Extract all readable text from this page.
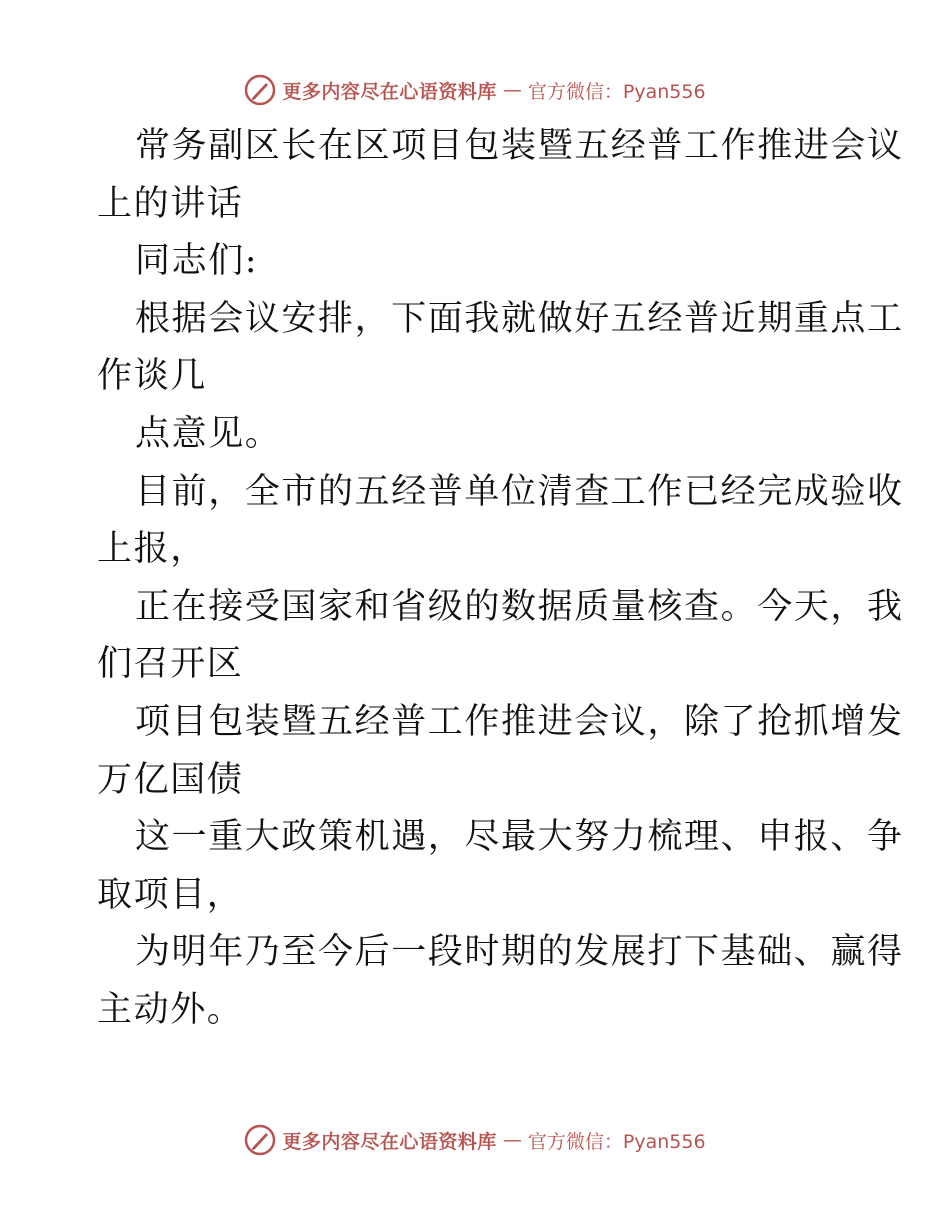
更多内容尽在心语资料库 — 官方微信：Pyan556
常务副区长在区项目包装暨五经普工作推进会议
上的讲话
同志们:
根据会议安排，下面我就做好五经普近期重点工
作谈几
点意见。
目前，全市的五经普单位清查工作已经完成验收
上报，
正在接受国家和省级的数据质量核查。今天，我
们召开区
项目包装暨五经普工作推进会议，除了抢抓增发
万亿国债
这一重大政策机遇，尽最大努力梳理、申报、争
取项目，
为明年乃至今后一段时期的发展打下基础、赢得
主动外。
更多内容尽在心语资料库 — 官方微信：Pyan556
